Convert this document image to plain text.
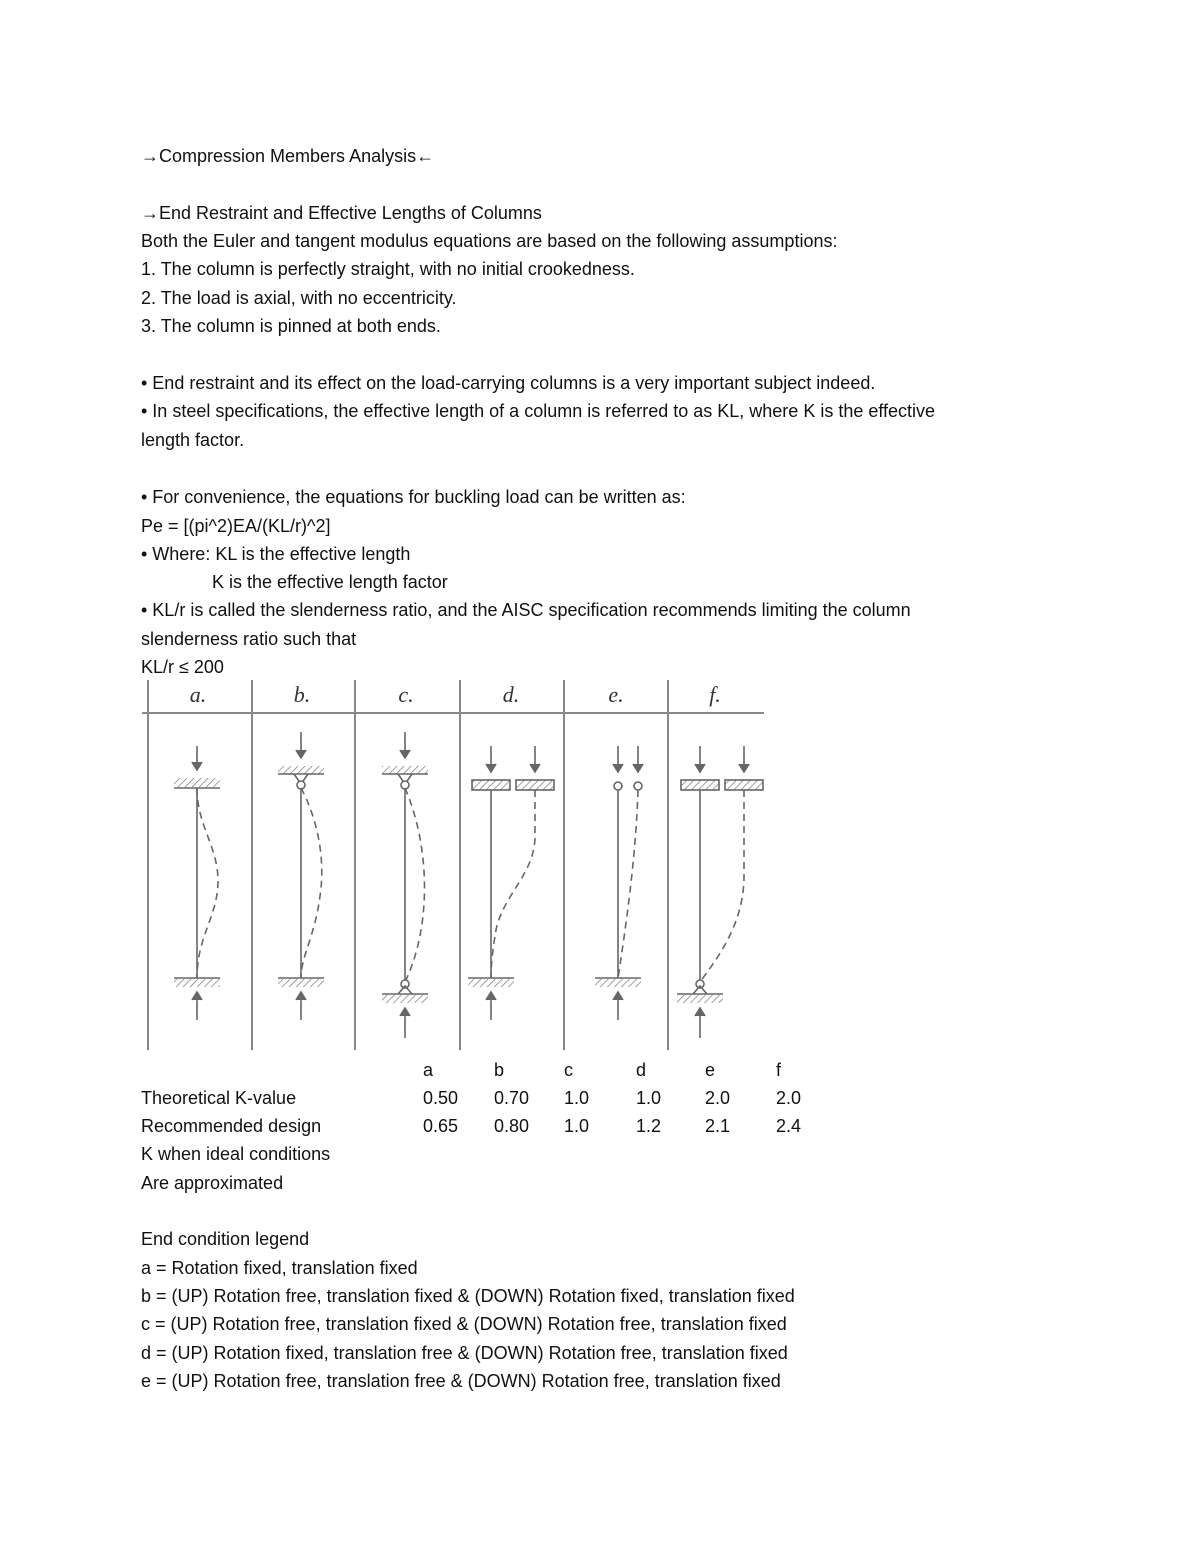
→Compression Members Analysis←
→End Restraint and Effective Lengths of Columns
Both the Euler and tangent modulus equations are based on the following assumptions:
1. The column is perfectly straight, with no initial crookedness.
2. The load is axial, with no eccentricity.
3. The column is pinned at both ends.
• End restraint and its effect on the load-carrying columns is a very important subject indeed.
• In steel specifications, the effective length of a column is referred to as KL, where K is the effective
length factor.
• For convenience, the equations for buckling load can be written as:
Pe = [(pi^2)EA/(KL/r)^2]
• Where: KL is the effective length
K is the effective length factor
• KL/r is called the slenderness ratio, and the AISC specification recommends limiting the column
slenderness ratio such that
KL/r ≤ 200
a.	b.	c.	d.	e.	f.
a	b	c	d	e	f
Theoretical K-value	0.50 0.70 1.0	1.0 2.0	2.0
Recommended design	0.65 0.80 1.0	1.2 2.1	2.4
K when ideal conditions
Are approximated
End condition legend
a = Rotation fixed, translation fixed
b = (UP) Rotation free, translation fixed & (DOWN) Rotation fixed, translation fixed
c = (UP) Rotation free, translation fixed & (DOWN) Rotation free, translation fixed
d = (UP) Rotation fixed, translation free & (DOWN) Rotation free, translation fixed
e = (UP) Rotation free, translation free & (DOWN) Rotation free, translation fixed
